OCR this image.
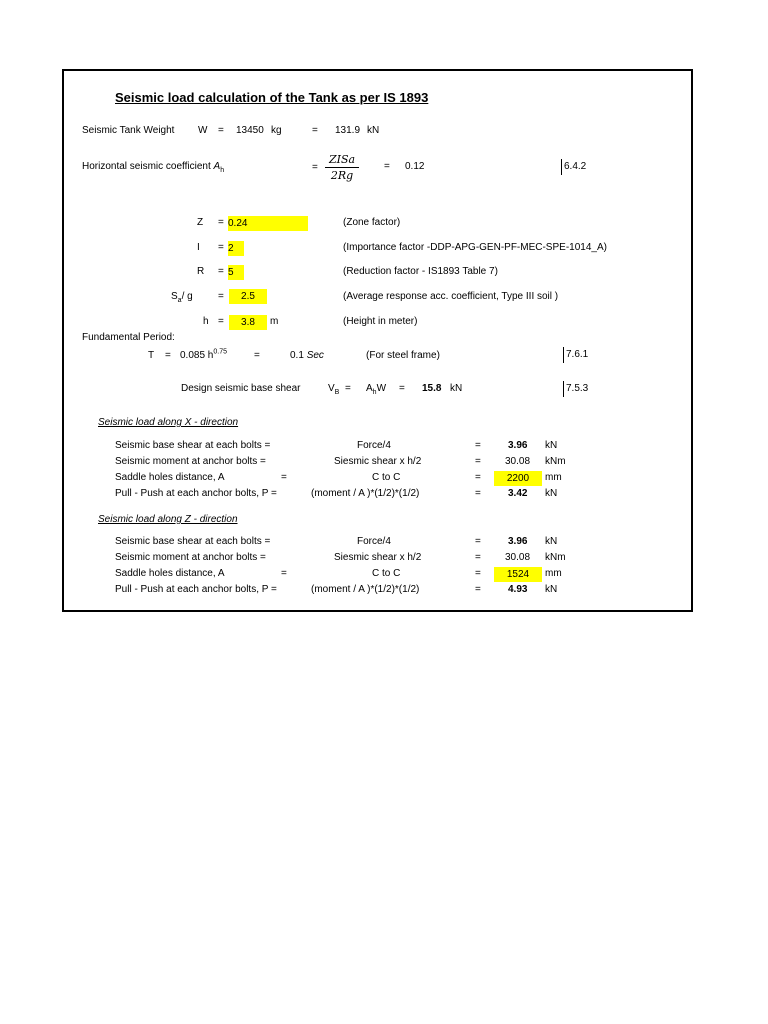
Seismic load calculation of the Tank as per IS 1893
Seismic Tank Weight W = 13450 kg	= 131.9 kN
Horizontal seismic coefficient $A_h$	=
ZISa
2Rg
= 0.12	6.4.2
Z = 0.24	(Zone factor)
I = 2	(Importance factor -DDP-APG-GEN-PF-MEC-SPE-1014_A)
R = 5	(Reduction factor - IS1893 Table 7)
$S_a/$ g	=	2.5	(Average response acc. coefficient, Type III soil )
h =	3.8	m	(Height in meter)
Fundamental Period:
T = 0.085 $h^{0.75}$	=	0.1 Sec	(For steel frame)	7.6.1
Design seismic base shear	$V_B = A_hW = 15.8$ kN	7.5.3
Seismic load along X - direction
Seismic base shear at each bolts =	Force/4	=	3.96 kN
Seismic moment at anchor bolts =	Siesmic shear x h/2	= 30.08 kNm
Saddle holes distance, A	=	C to C	=	2200	mm
Pull - Push at each anchor bolts, P =	(moment / A )*(1/2)*(1/2)	=	3.42 kN
Seismic load along Z - direction
Seismic base shear at each bolts =	Force/4	=	3.96 kN
Seismic moment at anchor bolts =	Siesmic shear x h/2	= 30.08 kNm
Saddle holes distance, A	=	C to C	=	1524	mm
Pull - Push at each anchor bolts, P =	(moment / A )*(1/2)*(1/2)	=	4.93 kN
